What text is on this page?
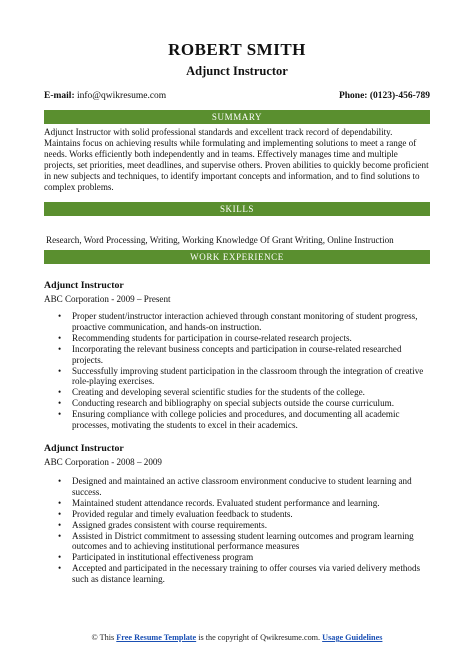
ROBERT SMITH
Adjunct Instructor
E-mail: info@qwikresume.com	Phone: (0123)-456-789
SUMMARY
Adjunct Instructor with solid professional standards and excellent track record of dependability. Maintains focus on achieving results while formulating and implementing solutions to meet a range of needs. Works efficiently both independently and in teams. Effectively manages time and multiple projects, set priorities, meet deadlines, and supervise others. Proven abilities to quickly become proficient in new subjects and techniques, to identify important concepts and information, and to find solutions to complex problems.
SKILLS
Research, Word Processing, Writing, Working Knowledge Of Grant Writing, Online Instruction
WORK EXPERIENCE
Adjunct Instructor
ABC Corporation - 2009 – Present
• Proper student/instructor interaction achieved through constant monitoring of student progress, proactive communication, and hands-on instruction.
• Recommending students for participation in course-related research projects.
• Incorporating the relevant business concepts and participation in course-related researched projects.
• Successfully improving student participation in the classroom through the integration of creative role-playing exercises.
• Creating and developing several scientific studies for the students of the college.
• Conducting research and bibliography on special subjects outside the course curriculum.
• Ensuring compliance with college policies and procedures, and documenting all academic processes, motivating the students to excel in their academics.
Adjunct Instructor
ABC Corporation - 2008 – 2009
• Designed and maintained an active classroom environment conducive to student learning and success.
• Maintained student attendance records. Evaluated student performance and learning.
• Provided regular and timely evaluation feedback to students.
• Assigned grades consistent with course requirements.
• Assisted in District commitment to assessing student learning outcomes and program learning outcomes and to achieving institutional performance measures
• Participated in institutional effectiveness program
• Accepted and participated in the necessary training to offer courses via varied delivery methods such as distance learning.
© This Free Resume Template is the copyright of Qwikresume.com. Usage Guidelines
